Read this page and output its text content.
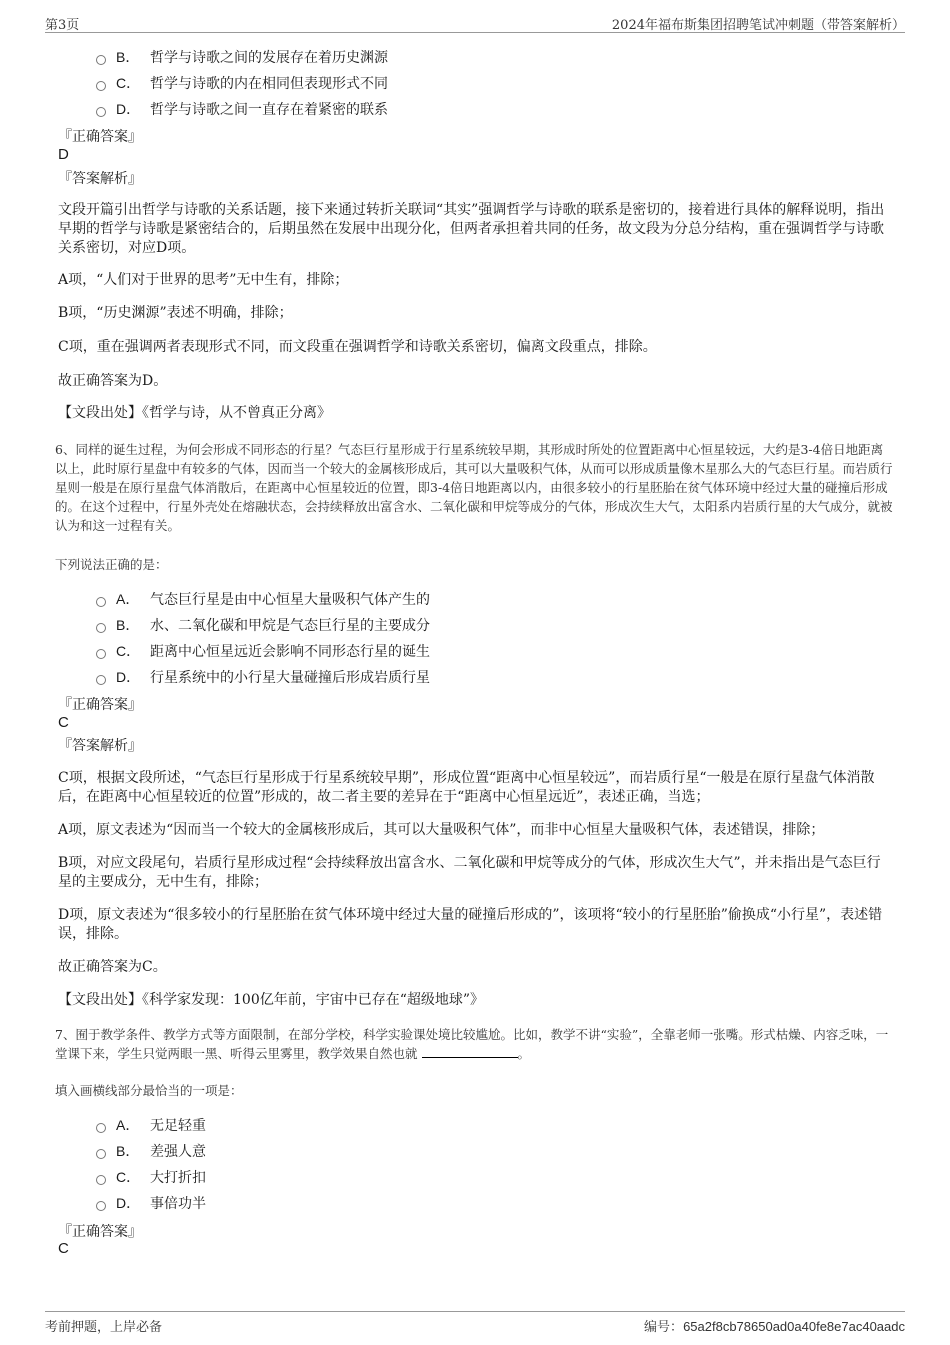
第3页	2024年福布斯集团招聘笔试冲刺题（带答案解析）
B． 哲学与诗歌之间的发展存在着历史渊源
C． 哲学与诗歌的内在相同但表现形式不同
D． 哲学与诗歌之间一直存在着紧密的联系
『正确答案』
D
『答案解析』
文段开篇引出哲学与诗歌的关系话题，接下来通过转折关联词“其实”强调哲学与诗歌的联系是密切的，接着进行具体的解释说明，指出早期的哲学与诗歌是紧密结合的，后期虽然在发展中出现分化，但两者承担着共同的任务，故文段为分总分结构，重在强调哲学与诗歌关系密切，对应D项。
A项，“人们对于世界的思考”无中生有，排除；
B项，“历史渊源”表述不明确，排除；
C项，重在强调两者表现形式不同，而文段重在强调哲学和诗歌关系密切，偏离文段重点，排除。
故正确答案为D。
【文段出处】《哲学与诗，从不曾真正分离》
6、同样的诞生过程，为何会形成不同形态的行星？气态巨行星形成于行星系统较早期，其形成时所处的位置距离中心恒星较远，大约是3-4倍日地距离以上，此时原行星盘中有较多的气体，因而当一个较大的金属核形成后，其可以大量吸积气体，从而可以形成质量像木星那么大的气态巨行星。而岩质行星则一般是在原行星盘气体消散后，在距离中心恒星较近的位置，即3-4倍日地距离以内，由很多较小的行星胚胎在贫气体环境中经过大量的碰撞后形成的。在这个过程中，行星外壳处在熔融状态，会持续释放出富含水、二氧化碳和甲烷等成分的气体，形成次生大气，太阳系内岩质行星的大气成分，就被认为和这一过程有关。
下列说法正确的是：
A． 气态巨行星是由中心恒星大量吸积气体产生的
B． 水、二氧化碳和甲烷是气态巨行星的主要成分
C． 距离中心恒星远近会影响不同形态行星的诞生
D． 行星系统中的小行星大量碰撞后形成岩质行星
『正确答案』
C
『答案解析』
C项，根据文段所述，“气态巨行星形成于行星系统较早期”，形成位置“距离中心恒星较远”，而岩质行星“一般是在原行星盘气体消散后，在距离中心恒星较近的位置”形成的，故二者主要的差异在于“距离中心恒星远近”，表述正确，当选；
A项，原文表述为“因而当一个较大的金属核形成后，其可以大量吸积气体”，而非中心恒星大量吸积气体，表述错误，排除；
B项，对应文段尾句，岩质行星形成过程“会持续释放出富含水、二氧化碳和甲烷等成分的气体，形成次生大气”，并未指出是气态巨行星的主要成分，无中生有，排除；
D项，原文表述为“很多较小的行星胚胎在贫气体环境中经过大量的碰撞后形成的”，该项将“较小的行星胚胎”偷换成“小行星”，表述错误，排除。
故正确答案为C。
【文段出处】《科学家发现：100亿年前，宇宙中已存在“超级地球”》
7、囿于教学条件、教学方式等方面限制，在部分学校，科学实验课处境比较尴尬。比如，教学不讲“实验”，全靠老师一张嘴。形式枯燥、内容乏味，一堂课下来，学生只觉两眼一黑、听得云里雾里，教学效果自然也就	。
填入画横线部分最恰当的一项是：
A． 无足轻重
B． 差强人意
C． 大打折扣
D． 事倍功半
『正确答案』
C
考前押题，上岸必备	编号：65a2f8cb78650ad0a40fe8e7ac40aadc
